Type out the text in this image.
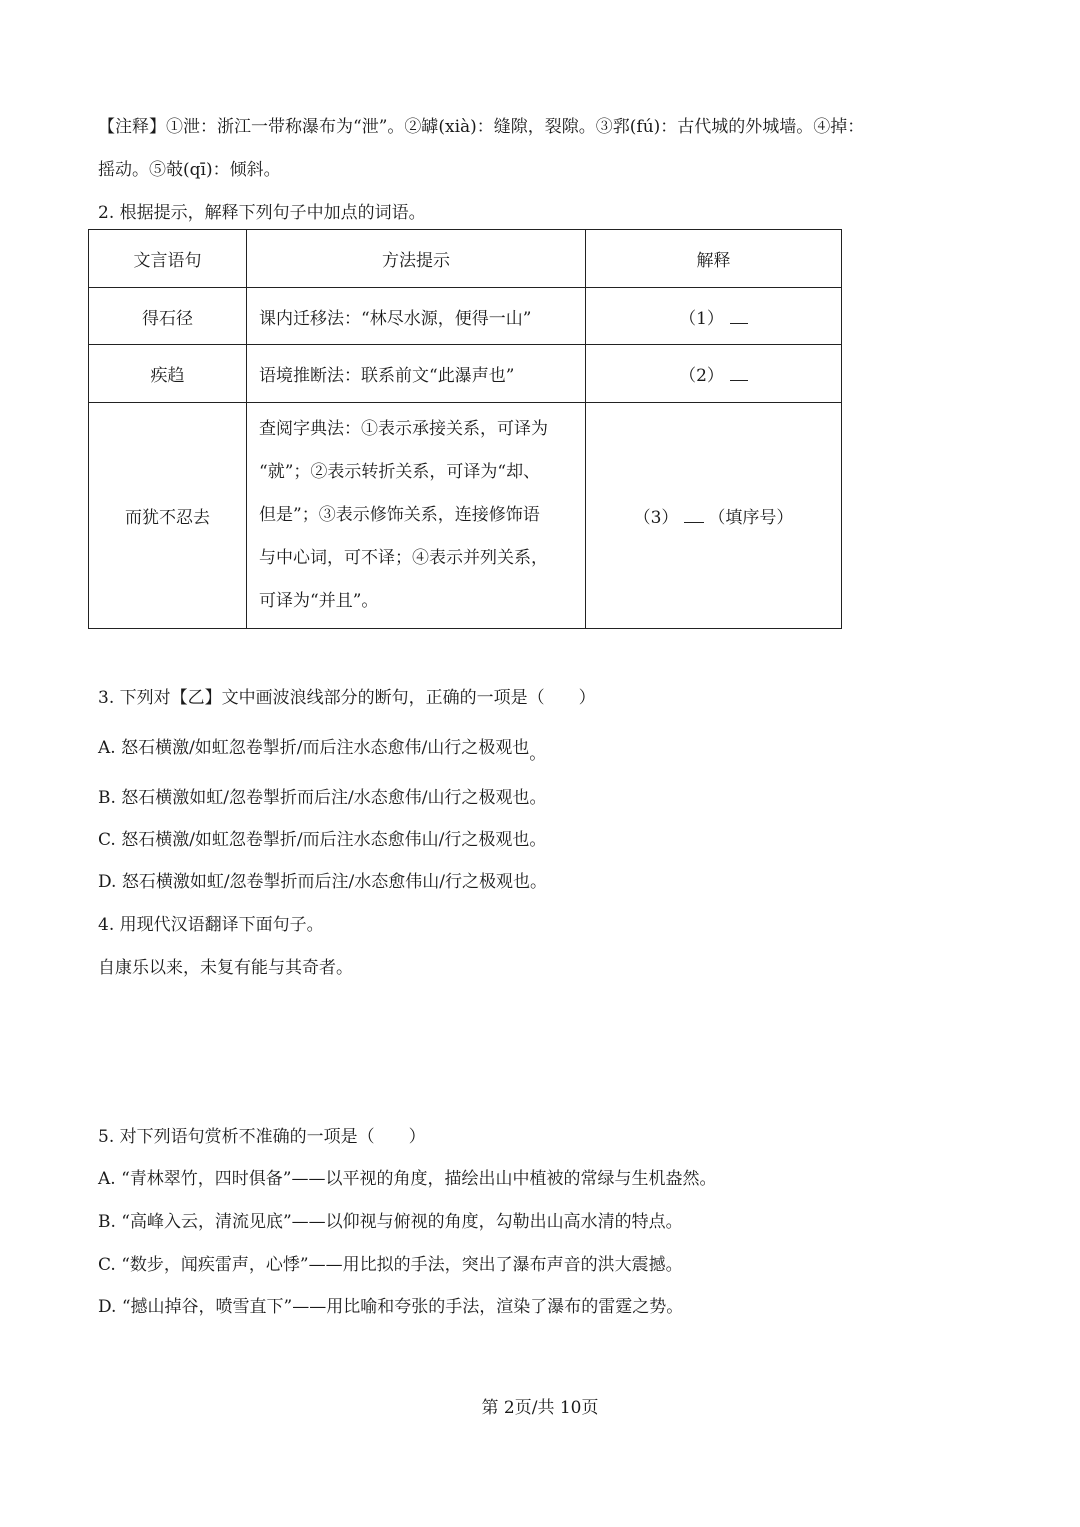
【注释】①泄：浙江一带称瀑布为“泄”。②罅(xià)：缝隙，裂隙。③郛(fú)：古代城的外城墙。④掉：
摇动。⑤攲(qī)：倾斜。
2. 根据提示，解释下列句子中加点的词语。
文言语句	方法提示	解释
得石径	课内迁移法：“林尽水源，便得一山”	（1）
疾趋	语境推断法：联系前文“此瀑声也”	（2）
而犹不忍去	查阅字典法：①表示承接关系，可译为
“就”；②表示转折关系，可译为“却、
但是”；③表示修饰关系，连接修饰语
与中心词，可不译；④表示并列关系，
可译为“并且”。	（3） （填序号）
3. 下列对【乙】文中画波浪线部分的断句，正确的一项是（　　）
A. 怒石横激/如虹忽卷掣折/而后注水态愈伟/山行之极观也。
B. 怒石横激如虹/忽卷掣折而后注/水态愈伟/山行之极观也。
C. 怒石横激/如虹忽卷掣折/而后注水态愈伟山/行之极观也。
D. 怒石横激如虹/忽卷掣折而后注/水态愈伟山/行之极观也。
4. 用现代汉语翻译下面句子。
自康乐以来，未复有能与其奇者。
5. 对下列语句赏析不准确的一项是（　　）
A. “青林翠竹，四时俱备”——以平视的角度，描绘出山中植被的常绿与生机盎然。
B. “高峰入云，清流见底”——以仰视与俯视的角度，勾勒出山高水清的特点。
C. “数步，闻疾雷声，心悸”——用比拟的手法，突出了瀑布声音的洪大震撼。
D. “撼山掉谷，喷雪直下”——用比喻和夸张的手法，渲染了瀑布的雷霆之势。
第 2页/共 10页
